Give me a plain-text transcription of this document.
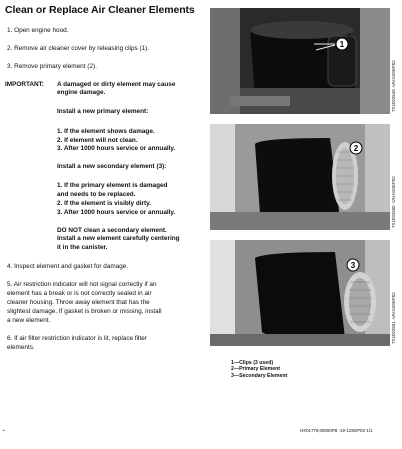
Clean or Replace Air Cleaner Elements
1. Open engine hood.
2. Remove air cleaner cover by releasing clips (1).
3. Remove primary element (2).
IMPORTANT: A damaged or dirty element may cause
engine damage.
Install a new primary element:
1. If the element shows damage.
2. If element will not clean.
3. After 1000 hours service or annually.
Install a new secondary element (3):
1. If the primary element is damaged
and needs to be replaced.
2. If the element is visibly dirty.
3. After 1000 hours service or annually.
DO NOT clean a secondary element.
Install a new element carefully centering
it in the canister.
4. Inspect element and gasket for damage.
5. Air restriction indicator will not signal correctly if an
element has a break or is not correctly sealed in air
cleaner housing. Throw away element that has the
slightest damage. If gasket is broken or missing, install
a new element.
6. If air filter restriction indicator is lit, replace filter
elements.
1
TX1003549 -UN-04SEP02
2
TX1003550 -UN-04SEP02
3
TX1003551 -UN-04SEP02
1—Clips (3 used)
2—Primary Element
3—Secondary Element
•	HX01779,00000FB -19-12SEP02-1/1
